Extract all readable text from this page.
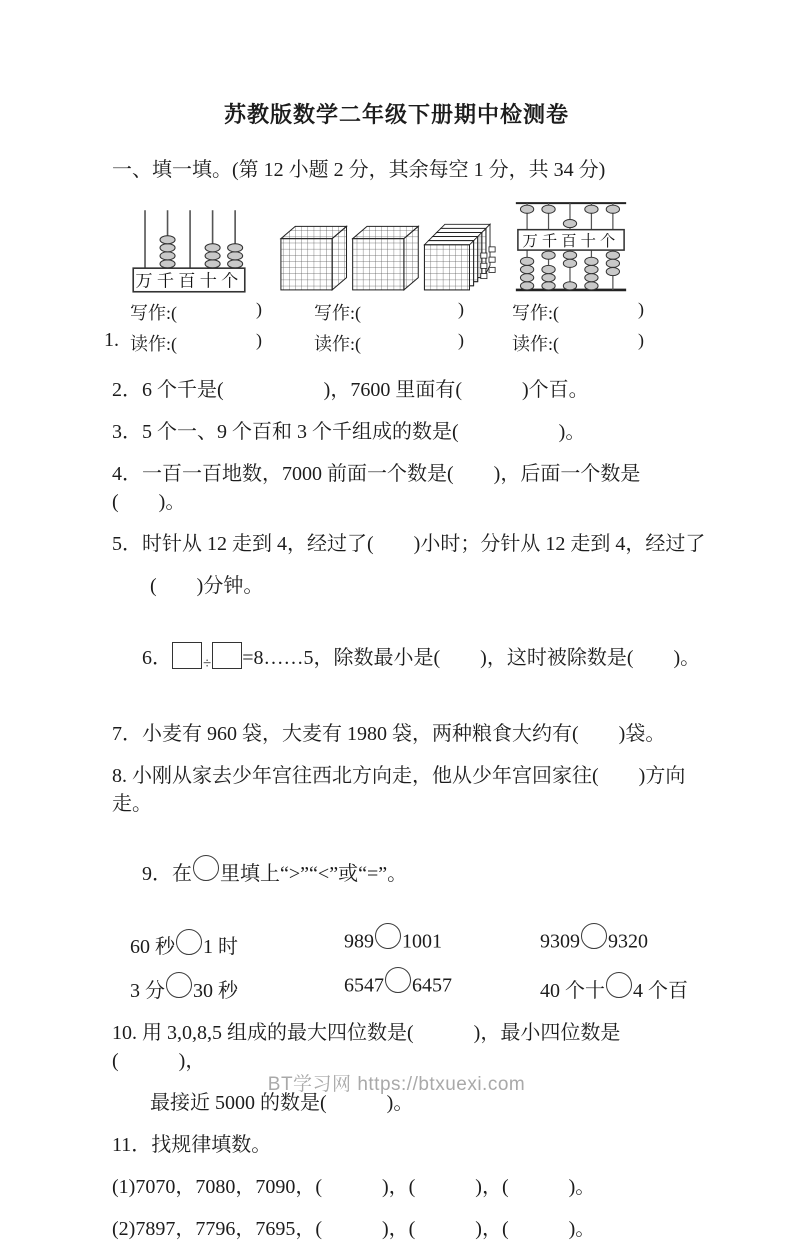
苏教版数学二年级下册期中检测卷
一、填一填。(第 12 小题 2 分，其余每空 1 分，共 34 分)
1.
万千百十个
写作:(	)
读作:(	)
写作:(	)
读作:(	)
万千百十个
写作:(	)
读作:(	)
2．6 个千是(　　　　　)，7600 里面有(　　　)个百。
3．5 个一、9 个百和 3 个千组成的数是(　　　　　)。
4．一百一百地数，7000 前面一个数是(　　)，后面一个数是(　　)。
5．时针从 12 走到 4，经过了(　　)小时；分针从 12 走到 4，经过了
(　　)分钟。

6． $_\div$ =8……5，除数最小是(　　)，这时被除数是(　　)。

7．小麦有 960 袋，大麦有 1980 袋，两种粮食大约有(　　)袋。
8. 小刚从家去少年宫往西北方向走，他从少年宫回家往(　　)方向走。

9．在 里填上“>”“<”或“=”。

60 秒 1 时	989 1001	9309 9320
3 分 30 秒	6547 6457	40 个十 4 个百
10. 用 3,0,8,5 组成的最大四位数是(　　　)，最小四位数是(　　　)，
最接近 5000 的数是(　　　)。
11．找规律填数。
(1)7070，7080，7090，(　　　)，(　　　)，(　　　)。
(2)7897，7796，7695，(　　　)，(　　　)，(　　　)。
BT学习网 https://btxuexi.com
